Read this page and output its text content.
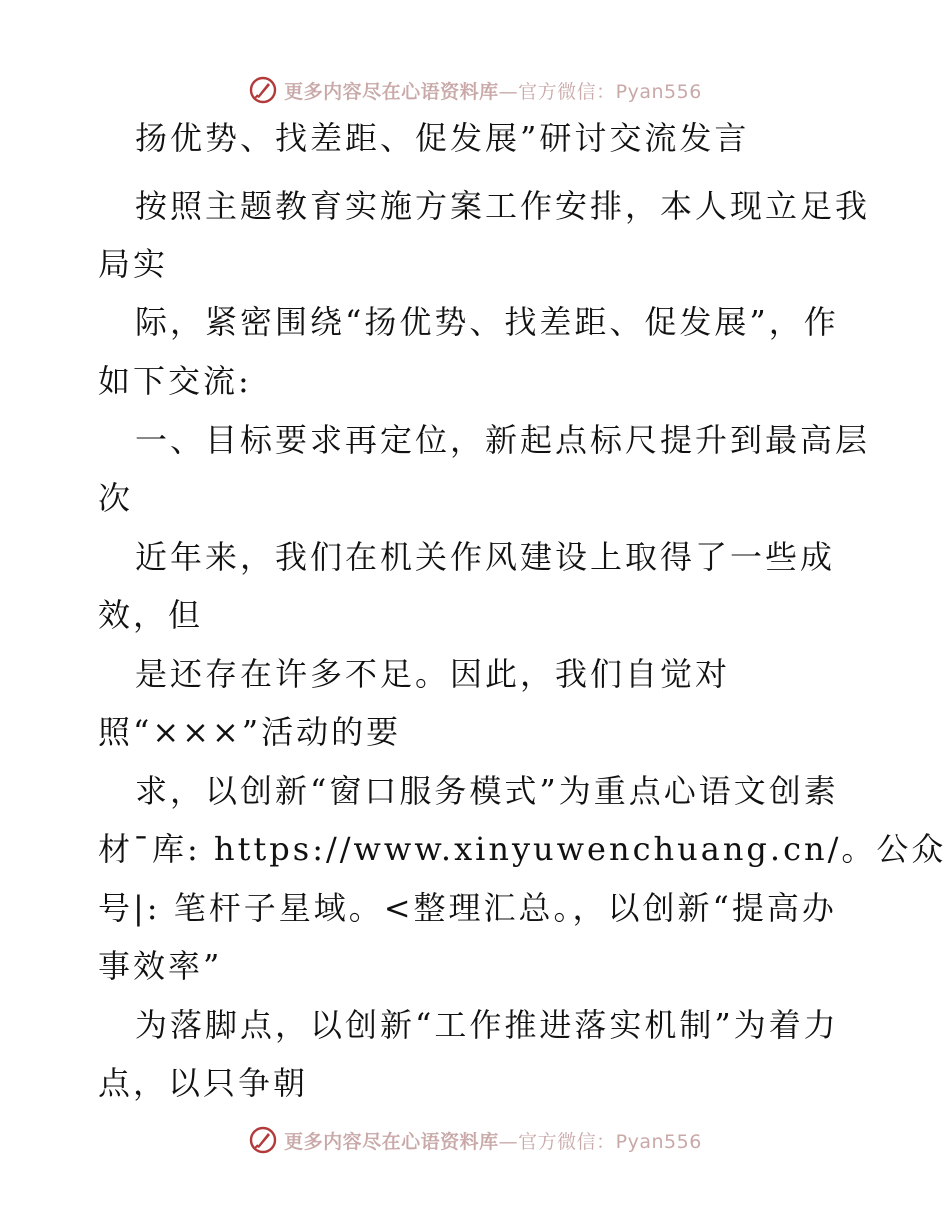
更多内容尽在心语资料库—官方微信：Pyan556
扬优势、找差距、促发展”研讨交流发言
按照主题教育实施方案工作安排，本人现立足我
局实
际，紧密围绕“扬优势、找差距、促发展”，作
如下交流:
一、目标要求再定位，新起点标尺提升到最高层
次
近年来，我们在机关作风建设上取得了一些成
效，但
是还存在许多不足。因此，我们自觉对
照“×××”活动的要
求，以创新“窗口服务模式”为重点心语文创素
材¯库: https://www.xinyuwenchuang.cn/。公众
号|: 笔杆子星域。<整理汇总。，以创新“提高办
事效率”
为落脚点，以创新“工作推进落实机制”为着力
点，以只争朝
更多内容尽在心语资料库—官方微信：Pyan556
